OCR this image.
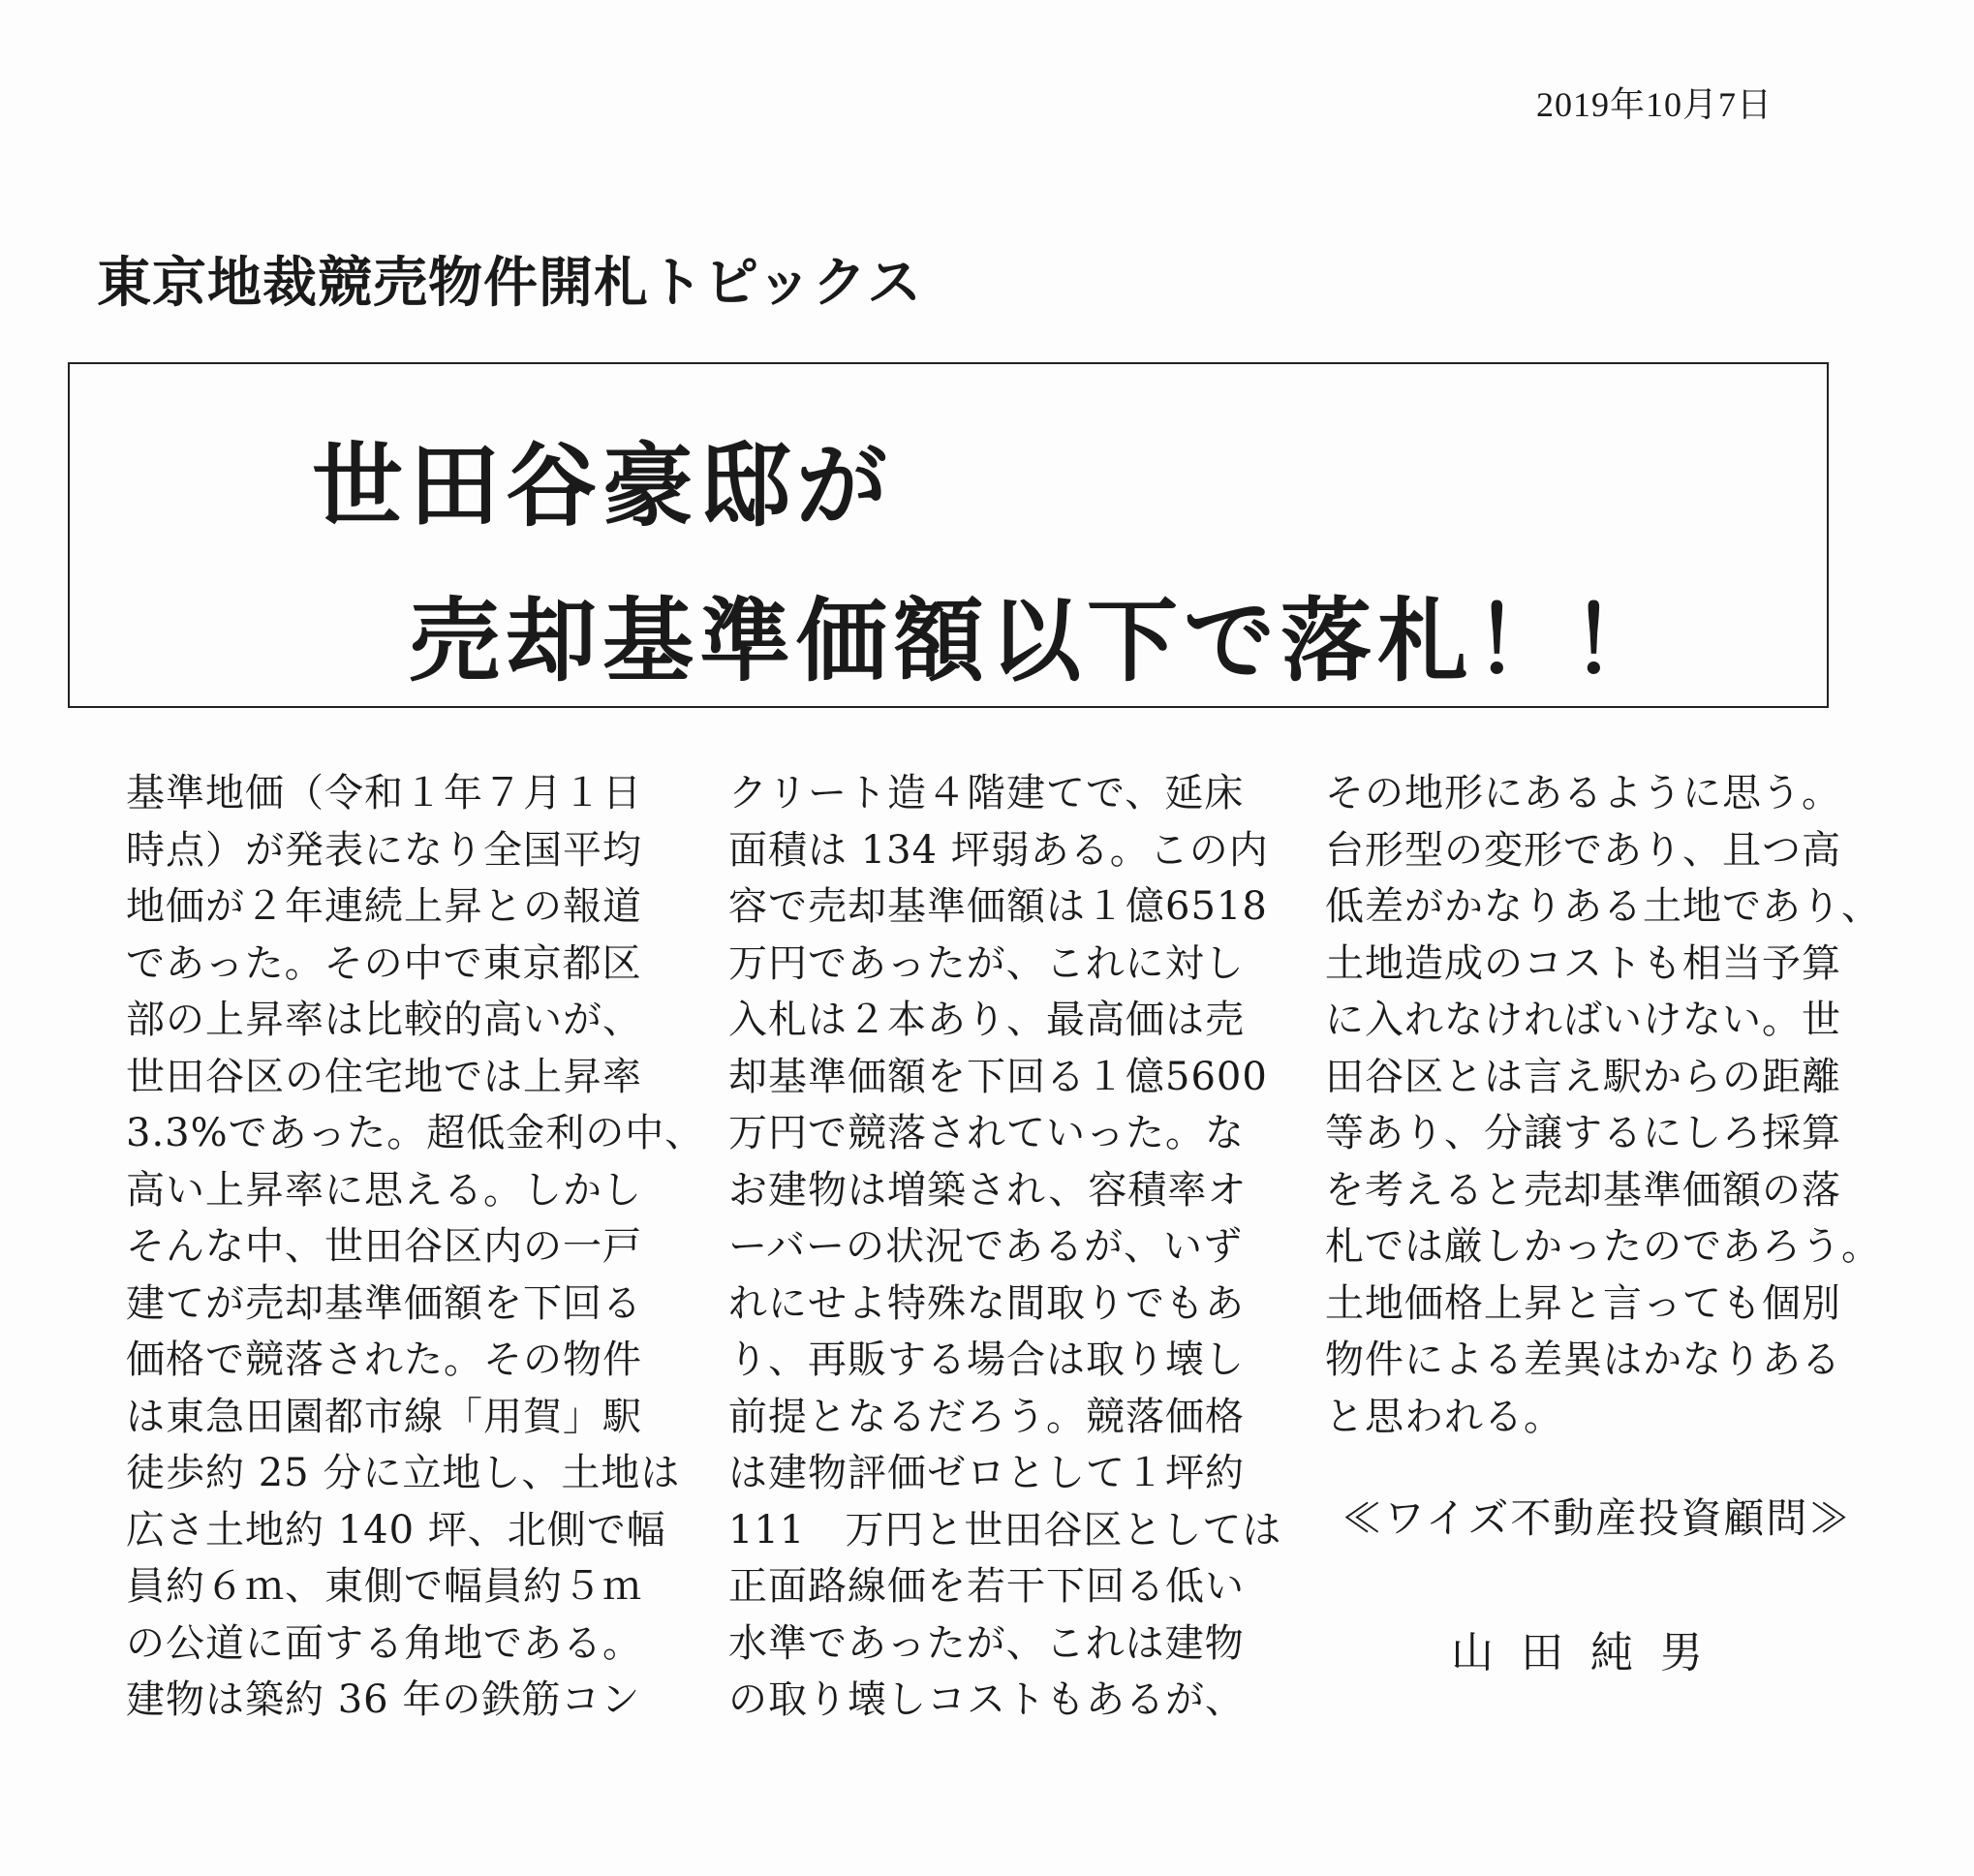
2019年10月7日
東京地裁競売物件開札トピックス
世田谷豪邸が
売却基準価額以下で落札！！
基準地価（令和１年７月１日
時点）が発表になり全国平均
地価が２年連続上昇との報道
であった。その中で東京都区
部の上昇率は比較的高いが、
世田谷区の住宅地では上昇率
3.3%であった。超低金利の中、
高い上昇率に思える。しかし
そんな中、世田谷区内の一戸
建てが売却基準価額を下回る
価格で競落された。その物件
は東急田園都市線「用賀」駅
徒歩約 25 分に立地し、土地は
広さ土地約 140 坪、北側で幅
員約６ｍ、東側で幅員約５ｍ
の公道に面する角地である。
建物は築約 36 年の鉄筋コン
クリート造４階建てで、延床
面積は 134 坪弱ある。この内
容で売却基準価額は１億6518
万円であったが、これに対し
入札は２本あり、最高価は売
却基準価額を下回る１億5600
万円で競落されていった。な
お建物は増築され、容積率オ
ーバーの状況であるが、いず
れにせよ特殊な間取りでもあ
り、再販する場合は取り壊し
前提となるだろう。競落価格
は建物評価ゼロとして１坪約
111　万円と世田谷区としては
正面路線価を若干下回る低い
水準であったが、これは建物
の取り壊しコストもあるが、
その地形にあるように思う。
台形型の変形であり、且つ高
低差がかなりある土地であり、
土地造成のコストも相当予算
に入れなければいけない。世
田谷区とは言え駅からの距離
等あり、分譲するにしろ採算
を考えると売却基準価額の落
札では厳しかったのであろう。
土地価格上昇と言っても個別
物件による差異はかなりある
と思われる。
≪ワイズ不動産投資顧問≫
山田純男
